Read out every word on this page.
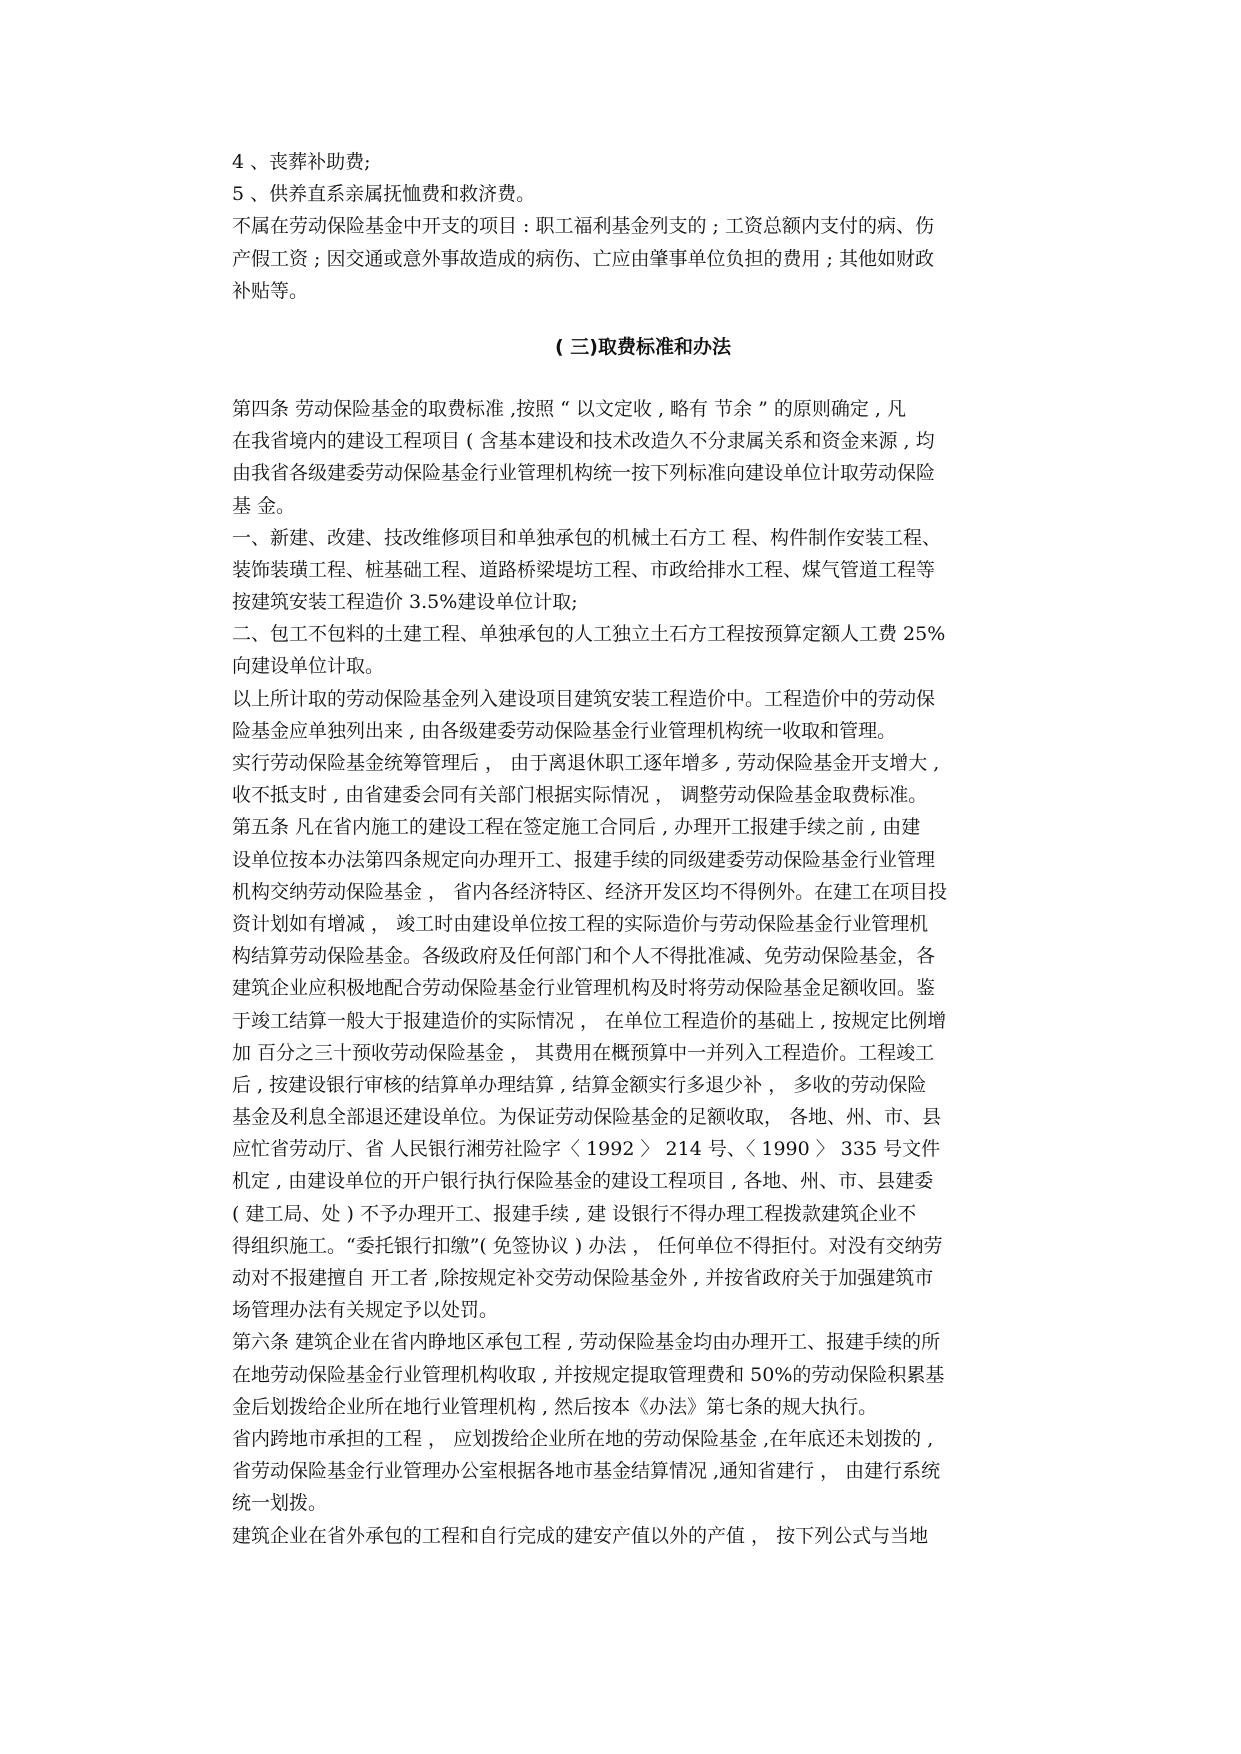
4 、丧葬补助费;
5 、供养直系亲属抚恤费和救济费。
不属在劳动保险基金中开支的项目 : 职工福利基金列支的 ; 工资总额内支付的病、伤
产假工资 ; 因交通或意外事故造成的病伤、亡应由肇事单位负担的费用 ; 其他如财政
补贴等。
( 三)取费标准和办法
第四条 劳动保险基金的取费标准 ,按照 “ 以文定收 , 略有 节余 ” 的原则确定 , 凡
在我省境内的建设工程项目 ( 含基本建设和技术改造久不分隶属关系和资金来源 , 均
由我省各级建委劳动保险基金行业管理机构统一按下列标准向建设单位计取劳动保险
基 金。
一、新建、改建、技改维修项目和单独承包的机械土石方工 程、构件制作安装工程、
装饰装璜工程、桩基础工程、道路桥梁堤坊工程、市政给排水工程、煤气管道工程等
按建筑安装工程造价 3.5%建设单位计取;
二、包工不包料的土建工程、单独承包的人工独立土石方工程按预算定额人工费 25%
向建设单位计取。
以上所计取的劳动保险基金列入建设项目建筑安装工程造价中。工程造价中的劳动保
险基金应单独列出来 , 由各级建委劳动保险基金行业管理机构统一收取和管理。
实行劳动保险基金统筹管理后 ， 由于离退休职工逐年增多 , 劳动保险基金开支增大 ,
收不抵支时 , 由省建委会同有关部门根据实际情况 ， 调整劳动保险基金取费标准。
第五条 凡在省内施工的建设工程在签定施工合同后 , 办理开工报建手续之前 , 由建
设单位按本办法第四条规定向办理开工、报建手续的同级建委劳动保险基金行业管理
机构交纳劳动保险基金 ， 省内各经济特区、经济开发区均不得例外。在建工在项目投
资计划如有增减 ， 竣工时由建设单位按工程的实际造价与劳动保险基金行业管理机
构结算劳动保险基金。各级政府及任何部门和个人不得批准减、免劳动保险基金，各
建筑企业应积极地配合劳动保险基金行业管理机构及时将劳动保险基金足额收回。鉴
于竣工结算一般大于报建造价的实际情况 ， 在单位工程造价的基础上 , 按规定比例增
加 百分之三十预收劳动保险基金 ， 其费用在概预算中一并列入工程造价。工程竣工
后 , 按建设银行审核的结算单办理结算 , 结算金额实行多退少补 ， 多收的劳动保险
基金及利息全部退还建设单位。为保证劳动保险基金的足额收取， 各地、州、市、县
应忙省劳动厅、省 人民银行湘劳社险字〈 1992 〉 214 号、〈 1990 〉 335 号文件
机定 , 由建设单位的开户银行执行保险基金的建设工程项目 , 各地、州、市、县建委
( 建工局、处 ) 不予办理开工、报建手续 , 建 设银行不得办理工程拨款建筑企业不
得组织施工。“委托银行扣缴”( 免签协议 ) 办法 ， 任何单位不得拒付。对没有交纳劳
动对不报建擅自 开工者 ,除按规定补交劳动保险基金外 , 并按省政府关于加强建筑市
场管理办法有关规定予以处罚。
第六条 建筑企业在省内睁地区承包工程 , 劳动保险基金均由办理开工、报建手续的所
在地劳动保险基金行业管理机构收取 , 并按规定提取管理费和 50%的劳动保险积累基
金后划拨给企业所在地行业管理机构 , 然后按本《办法》第七条的规大执行。
省内跨地市承担的工程 ， 应划拨给企业所在地的劳动保险基金 ,在年底还未划拨的 ,
省劳动保险基金行业管理办公室根据各地市基金结算情况 ,通知省建行 ， 由建行系统
统一划拨。
建筑企业在省外承包的工程和自行完成的建安产值以外的产值 ， 按下列公式与当地
